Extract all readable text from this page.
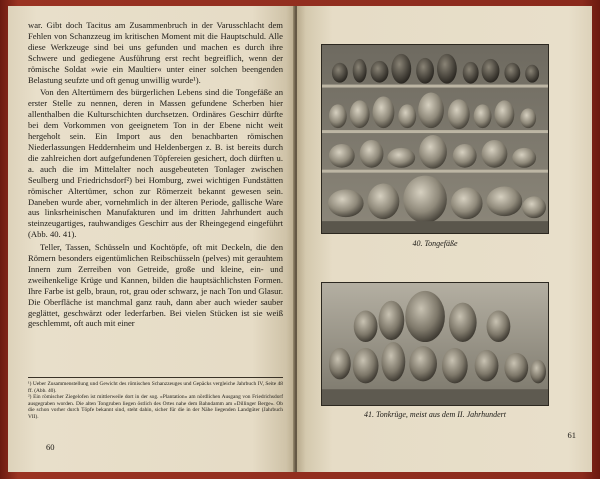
war. Gibt doch Tacitus am Zusammenbruch in der Varusschlacht dem Fehlen von Schanzzeug im kritischen Moment mit die Hauptschuld. Alle diese Werkzeuge sind bei uns gefunden und machen es durch ihre Schwere und gediegene Ausführung erst recht begreiflich, wenn der römische Soldat »wie ein Maultier« unter einer solchen beengenden Belastung seufzte und oft genug unwillig wurde¹).

Von den Altertümern des bürgerlichen Lebens sind die Tongefäße an erster Stelle zu nennen, deren in Massen gefundene Scherben hier allenthalben die Kulturschichten durchsetzen. Ordinäres Geschirr dürfte bei dem Vorkommen von geeignetem Ton in der Ebene nicht weit hergeholt sein. Ein Import aus den benachbarten römischen Niederlassungen Heddernheim und Heldenbergen z. B. ist bereits durch die zahlreichen dort aufgefundenen Töpfereien gesichert, doch dürften u. a. auch die im Mittelalter noch ausgebeuteten Tonlager zwischen Seulberg und Friedrichsdorf²) bei Homburg, zwei wichtigen Fundstätten römischer Altertümer, schon zur Römerzeit bekannt gewesen sein. Daneben wurde aber, vornehmlich in der älteren Periode, gallische Ware aus linksrheinischen Manufakturen und im dritten Jahrhundert auch steinzeugartiges, rauhwandiges Geschirr aus der Rheingegend eingeführt (Abb. 40. 41).

Teller, Tassen, Schüsseln und Kochtöpfe, oft mit Deckeln, die den Römern besonders eigentümlichen Reibschüsseln (pelves) mit gerauhtem Innern zum Zerreiben von Getreide, große und kleine, ein- und zweihenkelige Krüge und Kannen, bilden die hauptsächlichsten Formen. Ihre Farbe ist gelb, braun, rot, grau oder schwarz, je nach Ton und Glasur. Die Oberfläche ist manchmal ganz rauh, dann aber auch wieder sauber geglättet, geschwärzt oder lederfarben. Bei vielen Stücken ist sie weiß geschlemmt, oft auch mit einer

¹) Ueber Zusammenstellung und Gewicht des römischen Schanzzeuges und Gepäcks vergleiche Jahrbuch IV, Seite 48 ff. (Abb. 40).

²) Ein römischer Ziegelofen ist mittlerweile dort in der sog. »Plantation« am nördlichen Ausgang von Friedrichsdorf ausgegraben worden. Die alten Tongruben liegen östlich des Ortes nahe dem Bahndamm am »Dillinger Berge«. Ob die schon vorher durch Töpfe bekannt sind, steht dahin, sicher für die in der Nähe liegenden Landgüter (Jahrbuch VII).

60
40. Tongefäße
41. Tonkrüge, meist aus dem II. Jahrhundert
61
